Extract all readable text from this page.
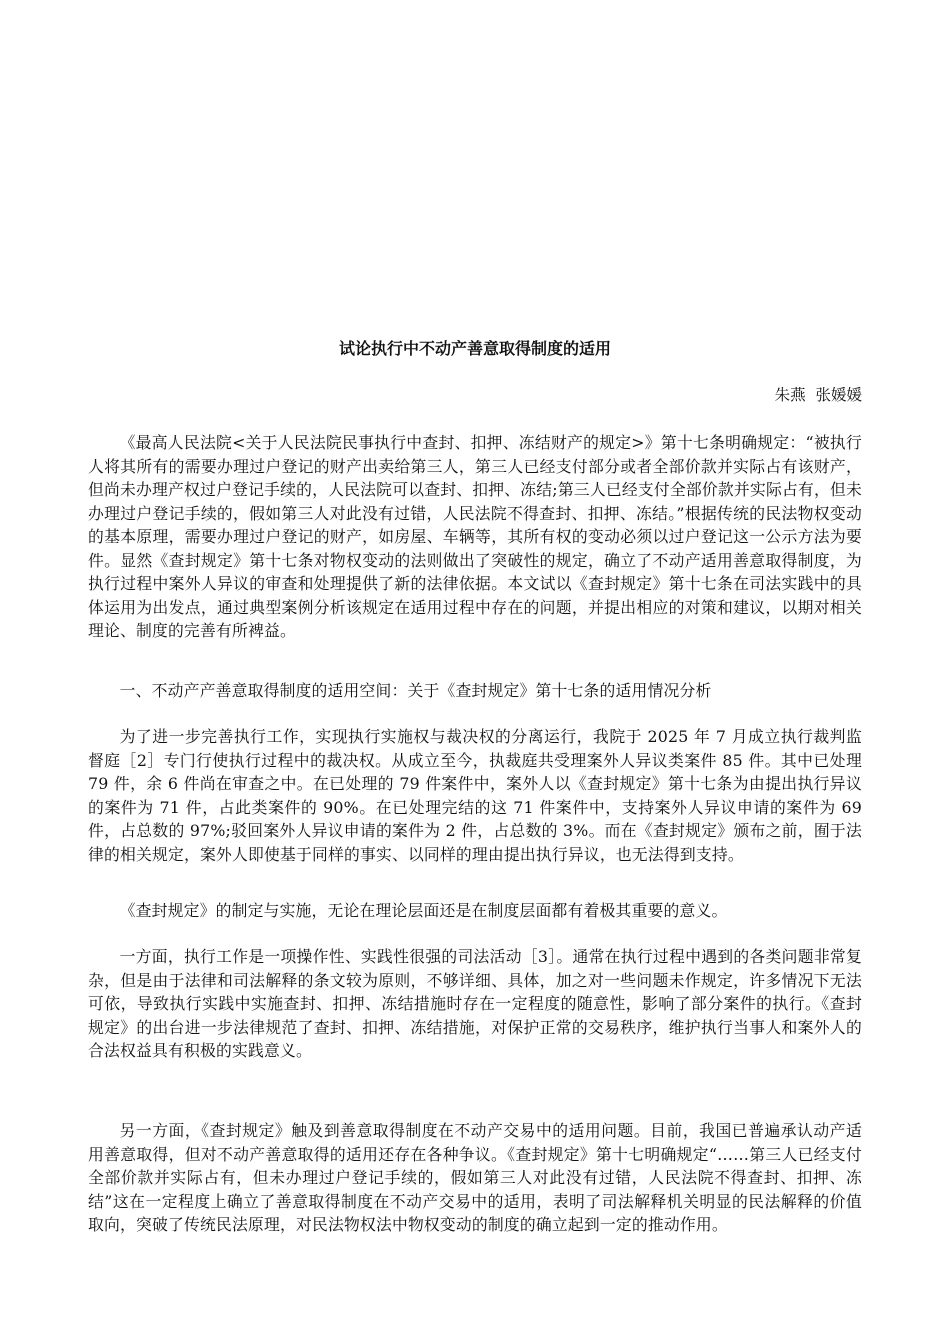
试论执行中不动产善意取得制度的适用

朱燕  张媛媛

《最高人民法院<关于人民法院民事执行中查封、扣押、冻结财产的规定>》第十七条明确规定：“被执行人将其所有的需要办理过户登记的财产出卖给第三人，第三人已经支付部分或者全部价款并实际占有该财产，但尚未办理产权过户登记手续的，人民法院可以查封、扣押、冻结;第三人已经支付全部价款并实际占有，但未办理过户登记手续的，假如第三人对此没有过错，人民法院不得查封、扣押、冻结。”根据传统的民法物权变动的基本原理，需要办理过户登记的财产，如房屋、车辆等，其所有权的变动必须以过户登记这一公示方法为要件。显然《查封规定》第十七条对物权变动的法则做出了突破性的规定，确立了不动产适用善意取得制度，为执行过程中案外人异议的审查和处理提供了新的法律依据。本文试以《查封规定》第十七条在司法实践中的具体运用为出发点，通过典型案例分析该规定在适用过程中存在的问题，并提出相应的对策和建议，以期对相关理论、制度的完善有所裨益。

一、不动产产善意取得制度的适用空间：关于《查封规定》第十七条的适用情况分析

为了进一步完善执行工作，实现执行实施权与裁决权的分离运行，我院于 2025 年 7 月成立执行裁判监督庭［2］专门行使执行过程中的裁决权。从成立至今，执裁庭共受理案外人异议类案件 85 件。其中已处理 79 件，余 6 件尚在审查之中。在已处理的 79 件案件中，案外人以《查封规定》第十七条为由提出执行异议的案件为 71 件，占此类案件的 90%。在已处理完结的这 71 件案件中，支持案外人异议申请的案件为 69 件，占总数的 97%;驳回案外人异议申请的案件为 2 件，占总数的 3%。而在《查封规定》颁布之前，囿于法律的相关规定，案外人即使基于同样的事实、以同样的理由提出执行异议，也无法得到支持。

《查封规定》的制定与实施，无论在理论层面还是在制度层面都有着极其重要的意义。

一方面，执行工作是一项操作性、实践性很强的司法活动［3］。通常在执行过程中遇到的各类问题非常复杂，但是由于法律和司法解释的条文较为原则，不够详细、具体，加之对一些问题未作规定，许多情况下无法可依，导致执行实践中实施查封、扣押、冻结措施时存在一定程度的随意性，影响了部分案件的执行。《查封规定》的出台进一步法律规范了查封、扣押、冻结措施，对保护正常的交易秩序，维护执行当事人和案外人的合法权益具有积极的实践意义。

另一方面，《查封规定》触及到善意取得制度在不动产交易中的适用问题。目前，我国已普遍承认动产适用善意取得，但对不动产善意取得的适用还存在各种争议。《查封规定》第十七明确规定“……第三人已经支付全部价款并实际占有，但未办理过户登记手续的，假如第三人对此没有过错，人民法院不得查封、扣押、冻结”这在一定程度上确立了善意取得制度在不动产交易中的适用，表明了司法解释机关明显的民法解释的价值取向，突破了传统民法原理，对民法物权法中物权变动的制度的确立起到一定的推动作用。
